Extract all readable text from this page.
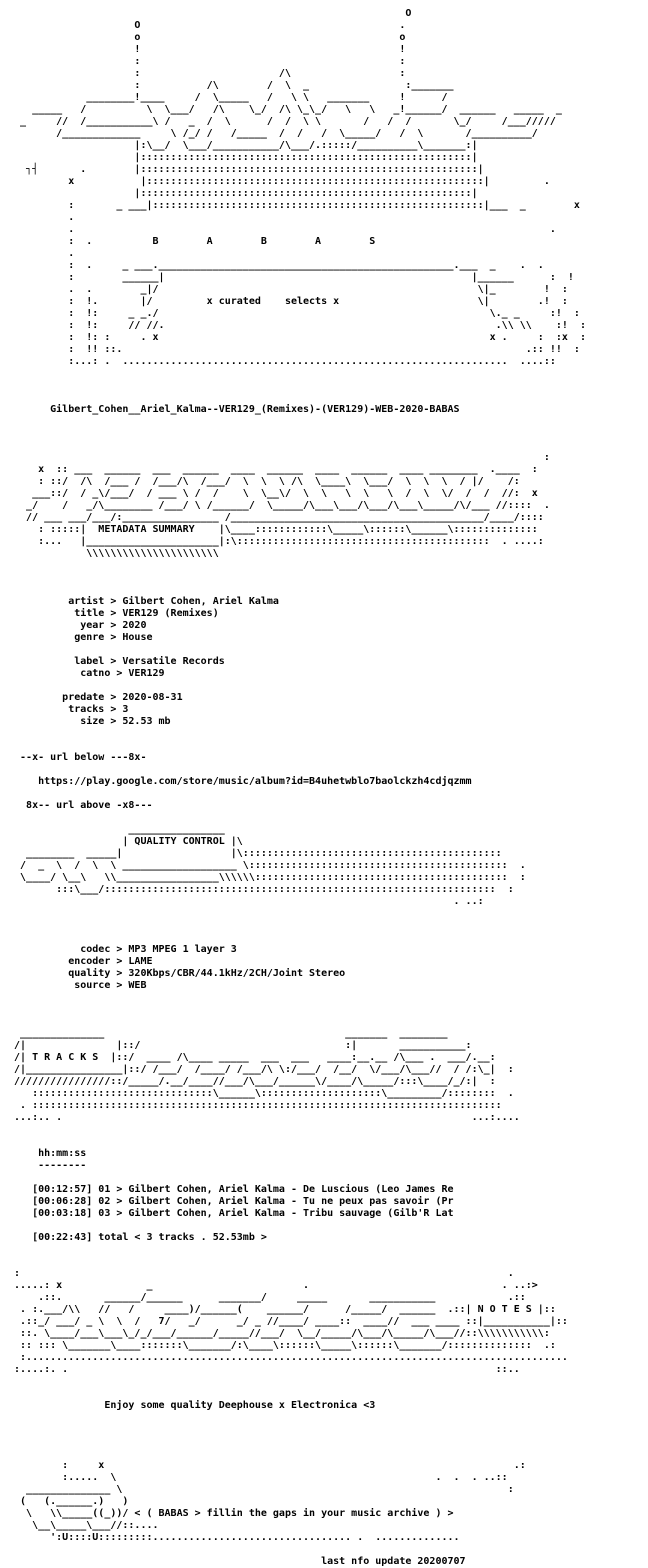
O
O                                           .
o                                           o
!                                           !
:                                           :
:                       /\                  :
:           /\        /  \  _                :_______
________!____     /  \_____   /   \ \   _______     !      /
_____   /          \  \___/   /\    \_/  /\ \_\_/   \   \   _!______/  ______   _____  _
_     //  /___________\ /   _  /  \      /  /  \ \       /   /  /       \_/     /___/////
/_____________     \ /_/ /   /_____  /  /   /  \_____/   /  \       /__________/
|:\__/  \___/___________/\___/.:::::/__________\_______:|
|:::::::::::::::::::::::::::::::::::::::::::::::::::::::|
┐┤       .        |::::::::::::::::::::::::::::::::::::::::::::::::::::::::|
x           |::::::::::::::::::::::::::::::::::::::::::::::::::::::::|         .
|:::::::::::::::::::::::::::::::::::::::::::::::::::::::|
:       _ ___|:::::::::::::::::::::::::::::::::::::::::::::::::::::::|___  _        x
.
.                                                                               .
:  .          B        A        B        A        S
.
:  .     _ ___._________________________________________________.___  _    .  .
:        ______|                                                   |______      :  !
.  .        _|/                                                     \|_        !  :
:  !.       |/         x curated    selects x                       \|        .!  :
:  !:     _ _./                                                       \._ _     :!  :
:  !:     // //.                                                       .\\ \\    :!  :
:  !: :     . x                                                       x .     :  :x  :
:  !! ::.                                                                   .:: !!  :
:...: .  ................................................................  ....::

Gilbert_Cohen__Ariel_Kalma--VER129_(Remixes)-(VER129)-WEB-2020-BABAS

:
x  :: ___  ______  ___  ______  ____  ______  ____  ______  ____ ________  .____  :
: ::/  /\  /___ /  /___/\  /___/  \  \  \ /\  \____\  \___/  \  \  \  / |/    /:
___::/  / _\/___/  / ___ \ /  /    \  \__\/  \  \   \  \   \  /  \  \/  /  /  //:  x
_/    /   _/\________ /___/ \ /______/  \_____/\___\___/\___/\___\_____/\/___ //::::  .
// ___ ___/___/:________________ /__________________________________________/____/::::
: :::::|  METADATA SUMMARY    |\____::::::::::::\_____\::::::\______\::::::::::::::
:...   |______________________|:\::::::::::::::::::::::::::::::::::::::::::  . ....:
\\\\\\\\\\\\\\\\\\\\\\

artist > Gilbert Cohen, Ariel Kalma
title > VER129 (Remixes)
year > 2020
genre > House

label > Versatile Records
catno > VER129

predate > 2020-08-31
tracks > 3
size > 52.53 mb

--x- url below ---8x-

https://play.google.com/store/music/album?id=B4uhetwblo7baolckzh4cdjqzmm

8x-- url above -x8---

________________
| QUALITY CONTROL |\
________  _____|                  |\:::::::::::::::::::::::::::::::::::::::::::
/  _  \  /  \  \ ___________________ \:::::::::::::::::::::::::::::::::::::::::::  .
\____/ \__\   \\_________________\\\\\\::::::::::::::::::::::::::::::::::::::::::  :
:::\___/:::::::::::::::::::::::::::::::::::::::::::::::::::::::::::::::::  :
. ..:

codec > MP3 MPEG 1 layer 3
encoder > LAME
quality > 320Kbps/CBR/44.1kHz/2CH/Joint Stereo
source > WEB

______________                                        _______  ________
/|               |::/                                  :|       ___________:
/| T R A C K S  |::/  ____ /\____ _____  ___  ___   ____:__.__ /\___ .  ___/.__:
/|________________|::/ /___/  /____/ /___/\ \:/___/  /__/  \/___/\___//  / /:\_|  :
////////////////::/_____/.__/____//___/\___/______\/____/\_____/:::\____/_/:|  :
::::::::::::::::::::::::::::::\______\::::::::::::::::::::\_________/::::::::  .
. ::::::::::::::::::::::::::::::::::::::::::::::::::::::::::::::::::::::::::::::
...:.. .                                                                    ...:....

hh:mm:ss
--------

[00:12:57] 01 > Gilbert Cohen, Ariel Kalma - De Luscious (Leo James Re
[00:06:28] 02 > Gilbert Cohen, Ariel Kalma - Tu ne peux pas savoir (Pr
[00:03:18] 03 > Gilbert Cohen, Ariel Kalma - Tribu sauvage (Gilb'R Lat

[00:22:43] total < 3 tracks . 52.53mb >

:                                                                                 .
.....: x              _                         .                                . ..:>
.::.       ______/______      _______/     _____       ___________            .::
. :.___/\\   //   /     ____)/______(    ______/      /_____/  ______  .::| N O T E S |::
.::_/ ___/ _ \  \  /   7/   _/      _/ _ //____/ ____::  ____//  ___ ____ ::|___________|::
::. \____/___\___\_/_/___/______/_____//___/  \__/_____/\___/\_____/\___//::\\\\\\\\\\\:
:: ::: \_______\____:::::::\_______/:\____\::::::\_____\::::::\_______/::::::::::::::  .:
:..........................................................................................
:....:. .                                                                       ::..

Enjoy some quality Deephouse x Electronica <3

:     x                                                                    .:
:.....  \                                                     .  .  . ..::
______________ \                                                                :
(   (.______.)   )
\   \\_____((_))/ < ( BABAS > fillin the gaps in your music archive ) >
\__\_____\___//::....
':U::::U:::::::::................................. .  ..............

last nfo update 20200707
